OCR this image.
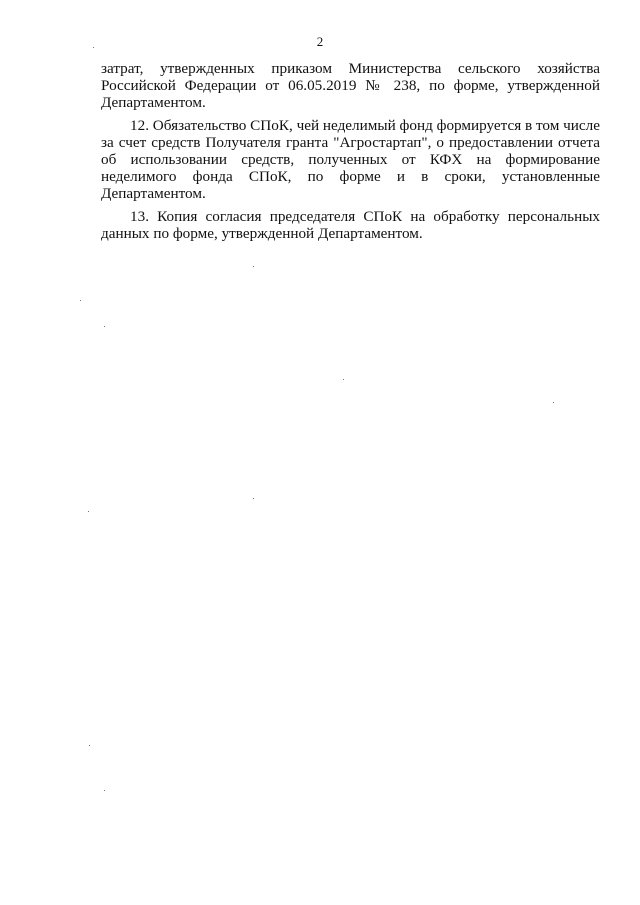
2

затрат, утвержденных приказом Министерства сельского хозяйства Российской Федерации от 06.05.2019 № 238, по форме, утвержденной Департаментом.

12. Обязательство СПоК, чей неделимый фонд формируется в том числе за счет средств Получателя гранта "Агростартап", о предоставлении отчета об использовании средств, полученных от КФХ на формирование неделимого фонда СПоК, по форме и в сроки, установленные Департаментом.

13. Копия согласия председателя СПоК на обработку персональных данных по форме, утвержденной Департаментом.
